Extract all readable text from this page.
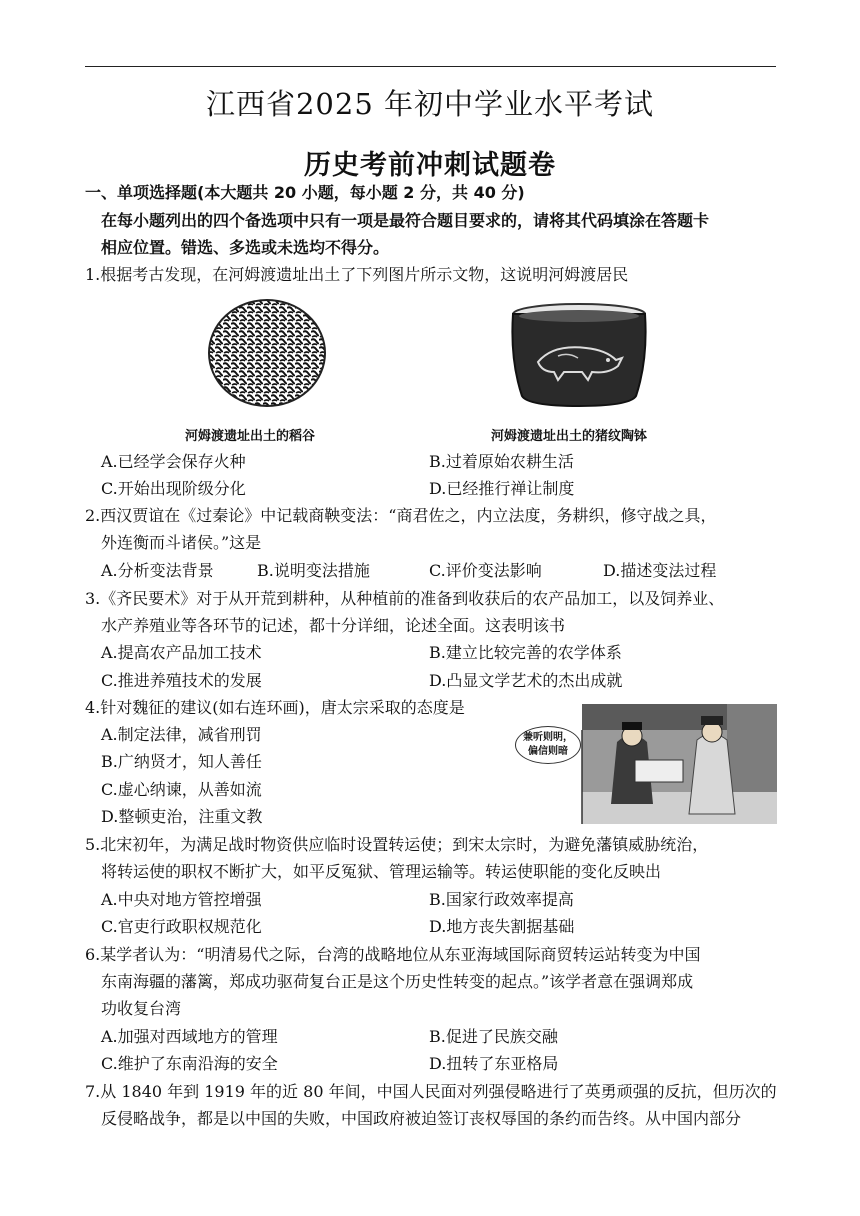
江西省2025 年初中学业水平考试
历史考前冲刺试题卷
一、单项选择题(本大题共 20 小题，每小题 2 分，共 40 分)
在每小题列出的四个备选项中只有一项是最符合题目要求的，请将其代码填涂在答题卡
相应位置。错选、多选或未选均不得分。
1.根据考古发现，在河姆渡遗址出土了下列图片所示文物，这说明河姆渡居民
河姆渡遗址出土的稻谷	河姆渡遗址出土的猪纹陶钵
A.已经学会保存火种	B.过着原始农耕生活
C.开始出现阶级分化	D.已经推行禅让制度
2.西汉贾谊在《过秦论》中记载商鞅变法：“商君佐之，内立法度，务耕织，修守战之具，
外连衡而斗诸侯。”这是
A.分析变法背景	B.说明变法措施	C.评价变法影响	D.描述变法过程
3.《齐民要术》对于从开荒到耕种，从种植前的准备到收获后的农产品加工，以及饲养业、
水产养殖业等各环节的记述，都十分详细，论述全面。这表明该书
A.提高农产品加工技术	B.建立比较完善的农学体系
C.推进养殖技术的发展	D.凸显文学艺术的杰出成就
4.针对魏征的建议(如右连环画)，唐太宗采取的态度是
A.制定法律，减省刑罚
B.广纳贤才，知人善任
C.虚心纳谏，从善如流
D.整顿吏治，注重文教
兼听则明，
偏信则暗
5.北宋初年，为满足战时物资供应临时设置转运使；到宋太宗时，为避免藩镇威胁统治，
将转运使的职权不断扩大，如平反冤狱、管理运输等。转运使职能的变化反映出
A.中央对地方管控增强	B.国家行政效率提高
C.官吏行政职权规范化	D.地方丧失割据基础
6.某学者认为：“明清易代之际，台湾的战略地位从东亚海域国际商贸转运站转变为中国
东南海疆的藩篱，郑成功驱荷复台正是这个历史性转变的起点。”该学者意在强调郑成
功收复台湾
A.加强对西域地方的管理	B.促进了民族交融
C.维护了东南沿海的安全	D.扭转了东亚格局
7.从 1840 年到 1919 年的近 80 年间，中国人民面对列强侵略进行了英勇顽强的反抗，但历次的
反侵略战争，都是以中国的失败，中国政府被迫签订丧权辱国的条约而告终。从中国内部分
